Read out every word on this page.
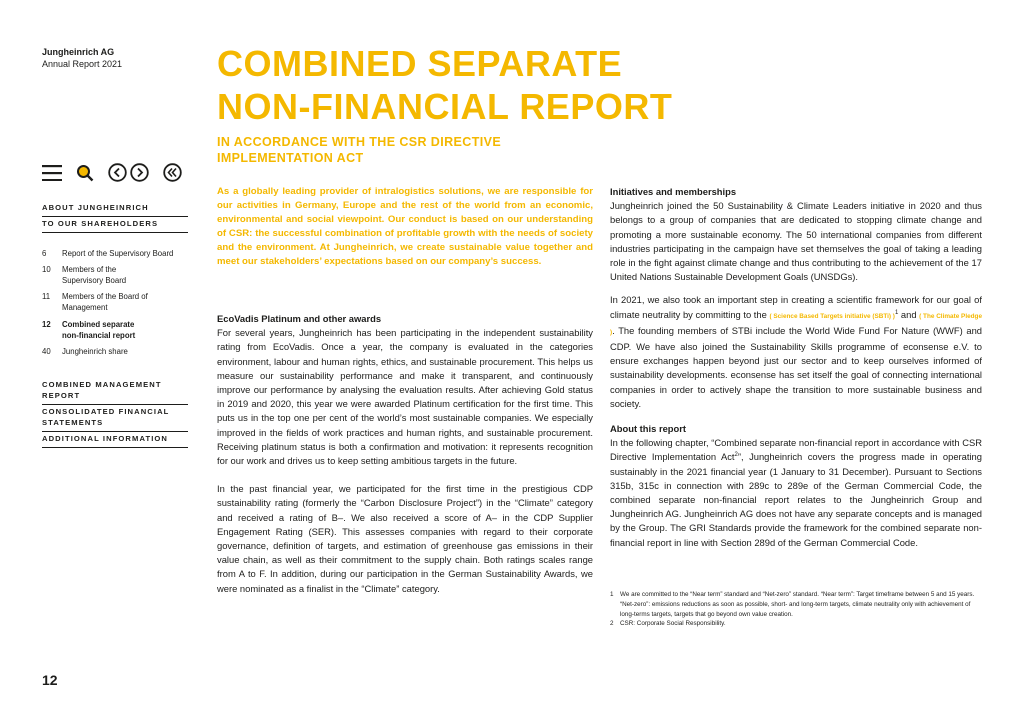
Jungheinrich AG
Annual Report 2021
ABOUT JUNGHEINRICH
TO OUR SHAREHOLDERS
6	Report of the Supervisory Board
10	Members of the Supervisory Board
11	Members of the Board of Management
12	Combined separate non-financial report
40	Jungheinrich share
COMBINED MANAGEMENT REPORT
CONSOLIDATED FINANCIAL STATEMENTS
ADDITIONAL INFORMATION
12
COMBINED SEPARATE
NON-FINANCIAL REPORT
IN ACCORDANCE WITH THE CSR DIRECTIVE
IMPLEMENTATION ACT
As a globally leading provider of intralogistics solutions, we are responsible for our activities in Germany, Europe and the rest of the world from an economic, environmental and social viewpoint. Our conduct is based on our understanding of CSR: the successful combination of profitable growth with the needs of society and the environment. At Jungheinrich, we create sustainable value together and meet our stakeholders’ expectations based on our company’s success.
EcoVadis Platinum and other awards
For several years, Jungheinrich has been participating in the independent sustainability rating from EcoVadis. Once a year, the company is evaluated in the categories environment, labour and human rights, ethics, and sustainable procurement. This helps us measure our sustainability performance and make it transparent, and continuously improve our performance by analysing the evaluation results. After achieving Gold status in 2019 and 2020, this year we were awarded Platinum certification for the first time. This puts us in the top one per cent of the world’s most sustainable companies. We especially improved in the fields of work practices and human rights, and sustainable procurement. Receiving platinum status is both a confirmation and motivation: it represents recognition for our work and drives us to keep setting ambitious targets in the future.
In the past financial year, we participated for the first time in the prestigious CDP sustainability rating (formerly the “Carbon Disclosure Project”) in the “Climate” category and received a rating of B–. We also received a score of A– in the CDP Supplier Engagement Rating (SER). This assesses companies with regard to their corporate governance, definition of targets, and estimation of greenhouse gas emissions in their value chain, as well as their commitment to the supply chain. Both ratings scales range from A to F. In addition, during our participation in the German Sustainability Awards, we were nominated as a finalist in the “Climate” category.
Initiatives and memberships
Jungheinrich joined the 50 Sustainability & Climate Leaders initiative in 2020 and thus belongs to a group of companies that are dedicated to stopping climate change and promoting a more sustainable economy. The 50 international companies from different industries participating in the campaign have set themselves the goal of taking a leading role in the fight against climate change and thus contributing to the achievement of the 17 United Nations Sustainable Development Goals (UNSDGs).
In 2021, we also took an important step in creating a scientific framework for our goal of climate neutrality by committing to the ( Science Based Targets initiative (SBTi) )$^1$ and ( The Climate Pledge ). The founding members of STBi include the World Wide Fund For Nature (WWF) and CDP. We have also joined the Sustainability Skills programme of econsense e.V. to ensure exchanges happen beyond just our sector and to keep ourselves informed of sustainability developments. econsense has set itself the goal of connecting international companies in order to actively shape the transition to more sustainable business and society.
About this report
In the following chapter, “Combined separate non-financial report in accordance with CSR Directive Implementation Act$^2$”, Jungheinrich covers the progress made in operating sustainably in the 2021 financial year (1 January to 31 December). Pursuant to Sections 315b, 315c in connection with 289c to 289e of the German Commercial Code, the combined separate non-financial report relates to the Jungheinrich Group and Jungheinrich AG. Jungheinrich AG does not have any separate concepts and is managed by the Group. The GRI Standards provide the framework for the combined separate non-financial report in line with Section 289d of the German Commercial Code.
1	We are committed to the “Near term” standard and “Net-zero” standard. “Near term”: Target timeframe between 5 and 15 years. “Net-zero”: emissions reductions as soon as possible, short- and long-term targets, climate neutrality only with achievement of long-terms targets, targets that go beyond own value creation.
2	CSR: Corporate Social Responsibility.
